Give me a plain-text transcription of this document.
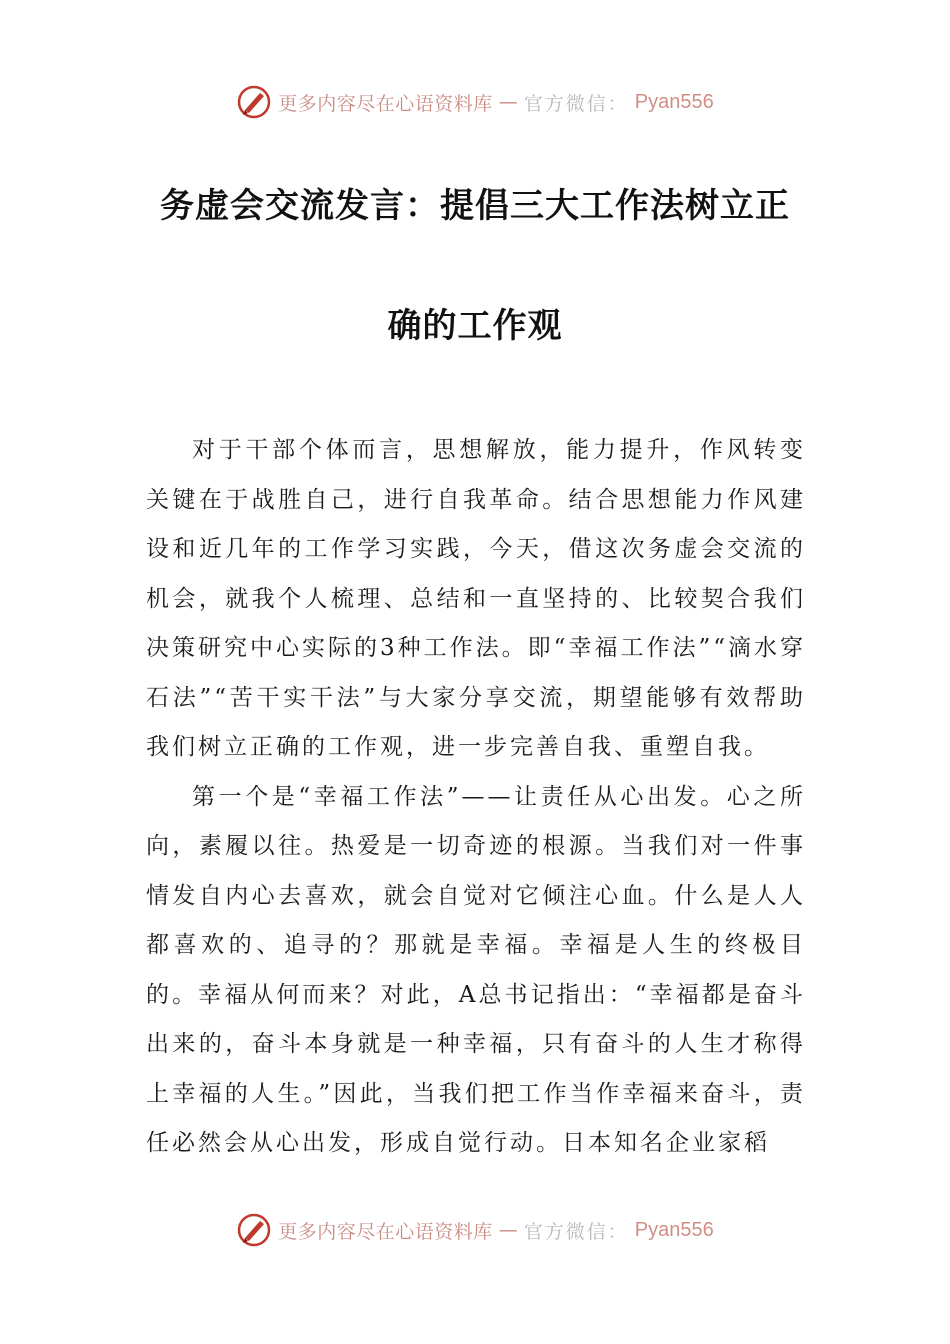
更多内容尽在心语资料库 — 官方微信： Pyan556
务虚会交流发言：提倡三大工作法树立正
确的工作观

对于干部个体而言，思想解放，能力提升，作风转变关键在于战胜自己，进行自我革命。结合思想能力作风建设和近几年的工作学习实践，今天，借这次务虚会交流的机会，就我个人梳理、总结和一直坚持的、比较契合我们决策研究中心实际的3种工作法。即“幸福工作法”“滴水穿石法”“苦干实干法”与大家分享交流，期望能够有效帮助我们树立正确的工作观，进一步完善自我、重塑自我。

第一个是“幸福工作法”——让责任从心出发。心之所向，素履以往。热爱是一切奇迹的根源。当我们对一件事情发自内心去喜欢，就会自觉对它倾注心血。什么是人人都喜欢的、追寻的？那就是幸福。幸福是人生的终极目的。幸福从何而来？对此，A总书记指出：“幸福都是奋斗出来的，奋斗本身就是一种幸福，只有奋斗的人生才称得上幸福的人生。”因此，当我们把工作当作幸福来奋斗，责任必然会从心出发，形成自觉行动。日本知名企业家稻

更多内容尽在心语资料库 — 官方微信： Pyan556
